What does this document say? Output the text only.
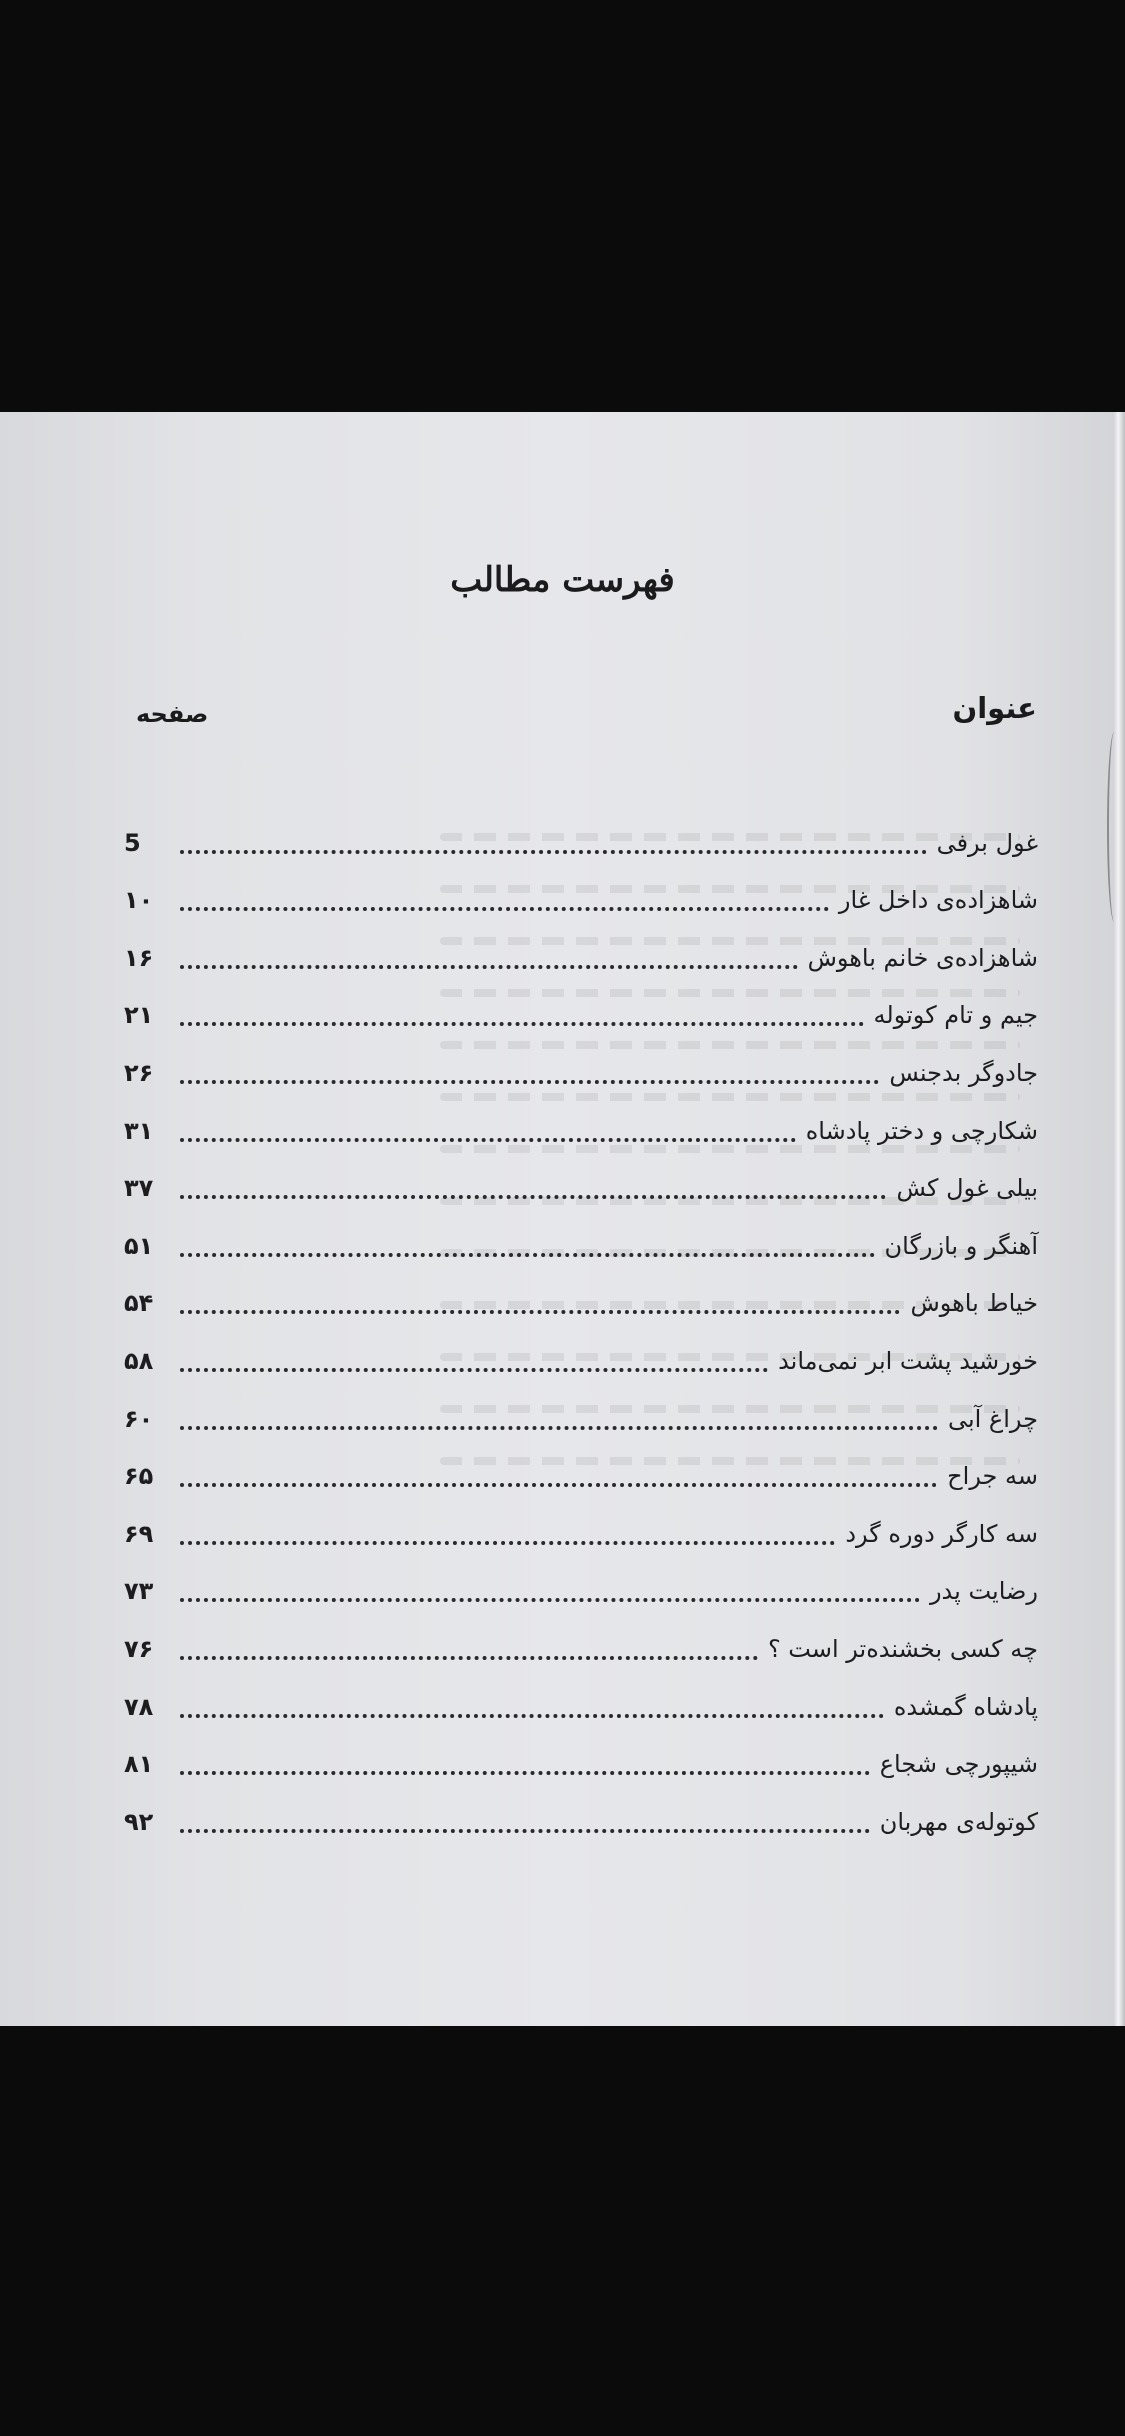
فهرست مطالب
عنوان
صفحه
غول برفی
5
شاهزاده‌ی داخل غار
۱۰
شاهزاده‌ی خانم باهوش
۱۶
جیم و تام کوتوله
۲۱
جادوگر بدجنس
۲۶
شکارچی و دختر پادشاه
۳۱
بیلی غول کش
۳۷
آهنگر و بازرگان
۵۱
خیاط باهوش
۵۴
خورشید پشت ابر نمی‌ماند
۵۸
چراغ آبی
۶۰
سه جراح
۶۵
سه کارگر دوره گرد
۶۹
رضایت پدر
۷۳
چه کسی بخشنده‌تر است ؟
۷۶
پادشاه گمشده
۷۸
شیپورچی شجاع
۸۱
کوتوله‌ی مهربان
۹۲
